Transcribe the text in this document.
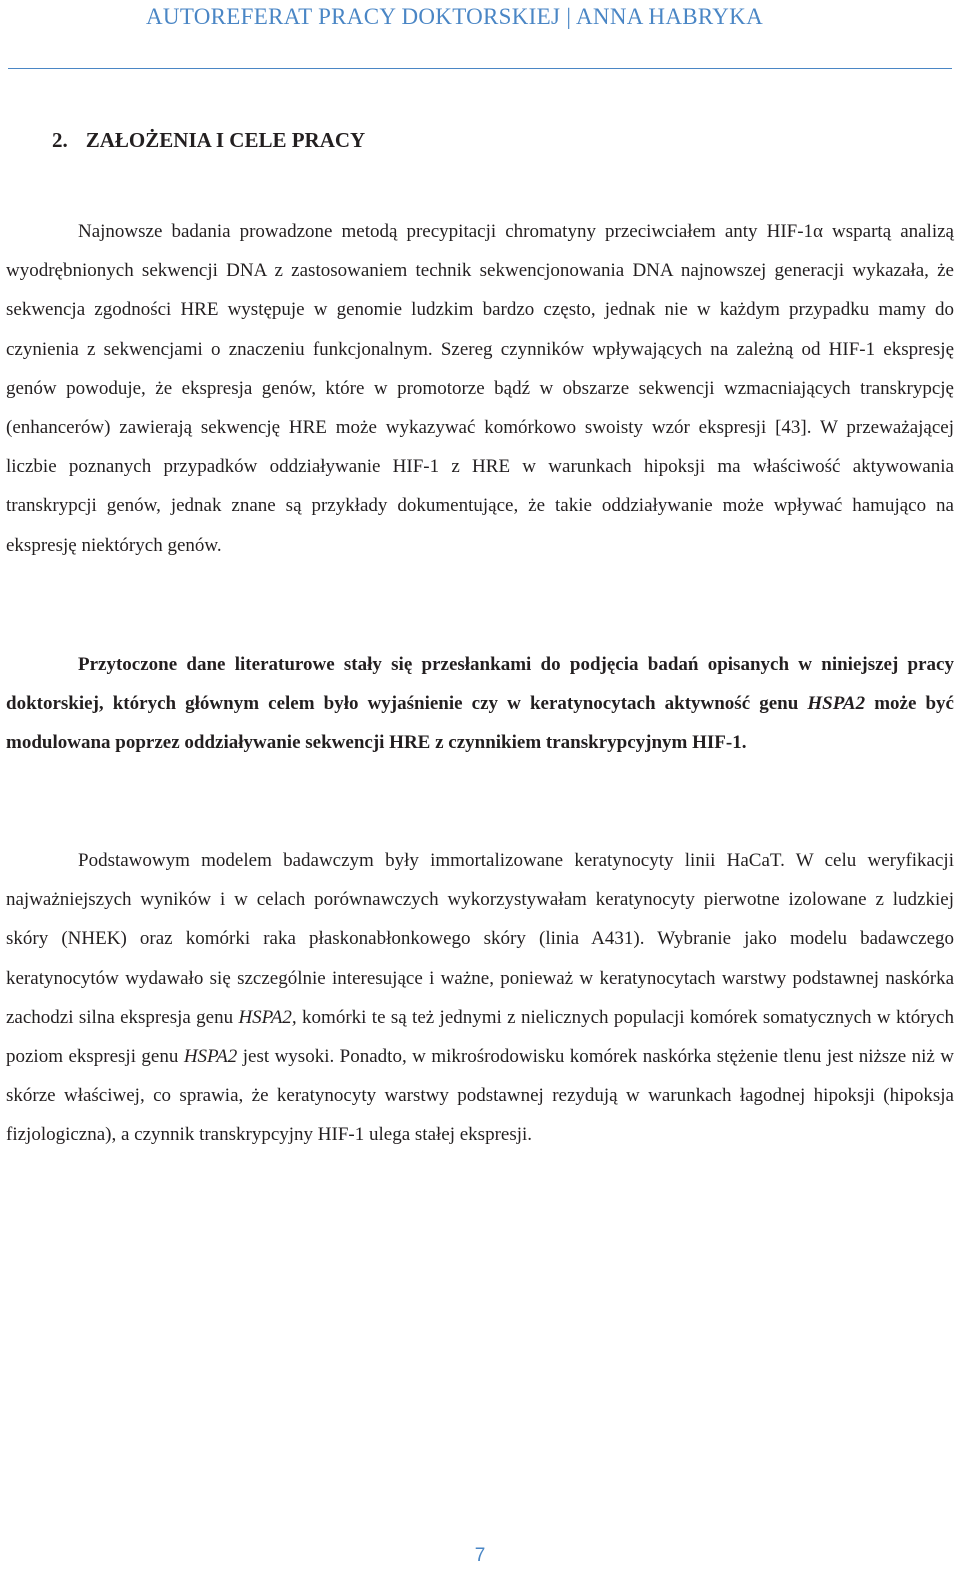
AUTOREFERAT PRACY DOKTORSKIEJ | ANNA HABRYKA
2. ZAŁOŻENIA I CELE PRACY

Najnowsze badania prowadzone metodą precypitacji chromatyny przeciwciałem anty HIF-1α wspartą analizą wyodrębnionych sekwencji DNA z zastosowaniem technik sekwencjonowania DNA najnowszej generacji wykazała, że sekwencja zgodności HRE występuje w genomie ludzkim bardzo często, jednak nie w każdym przypadku mamy do czynienia z sekwencjami o znaczeniu funkcjonalnym. Szereg czynników wpływających na zależną od HIF-1 ekspresję genów powoduje, że ekspresja genów, które w promotorze bądź w obszarze sekwencji wzmacniających transkrypcję (enhancerów) zawierają sekwencję HRE może wykazywać komórkowo swoisty wzór ekspresji [43]. W przeważającej liczbie poznanych przypadków oddziaływanie HIF-1 z HRE w warunkach hipoksji ma właściwość aktywowania transkrypcji genów, jednak znane są przykłady dokumentujące, że takie oddziaływanie może wpływać hamująco na ekspresję niektórych genów.

Przytoczone dane literaturowe stały się przesłankami do podjęcia badań opisanych w niniejszej pracy doktorskiej, których głównym celem było wyjaśnienie czy w keratynocytach aktywność genu HSPA2 może być modulowana poprzez oddziaływanie sekwencji HRE z czynnikiem transkrypcyjnym HIF-1.

Podstawowym modelem badawczym były immortalizowane keratynocyty linii HaCaT. W celu weryfikacji najważniejszych wyników i w celach porównawczych wykorzystywałam keratynocyty pierwotne izolowane z ludzkiej skóry (NHEK) oraz komórki raka płaskonabłonkowego skóry (linia A431). Wybranie jako modelu badawczego keratynocytów wydawało się szczególnie interesujące i ważne, ponieważ w keratynocytach warstwy podstawnej naskórka zachodzi silna ekspresja genu HSPA2, komórki te są też jednymi z nielicznych populacji komórek somatycznych w których poziom ekspresji genu HSPA2 jest wysoki. Ponadto, w mikrośrodowisku komórek naskórka stężenie tlenu jest niższe niż w skórze właściwej, co sprawia, że keratynocyty warstwy podstawnej rezydują w warunkach łagodnej hipoksji (hipoksja fizjologiczna), a czynnik transkrypcyjny HIF-1 ulega stałej ekspresji.

7
